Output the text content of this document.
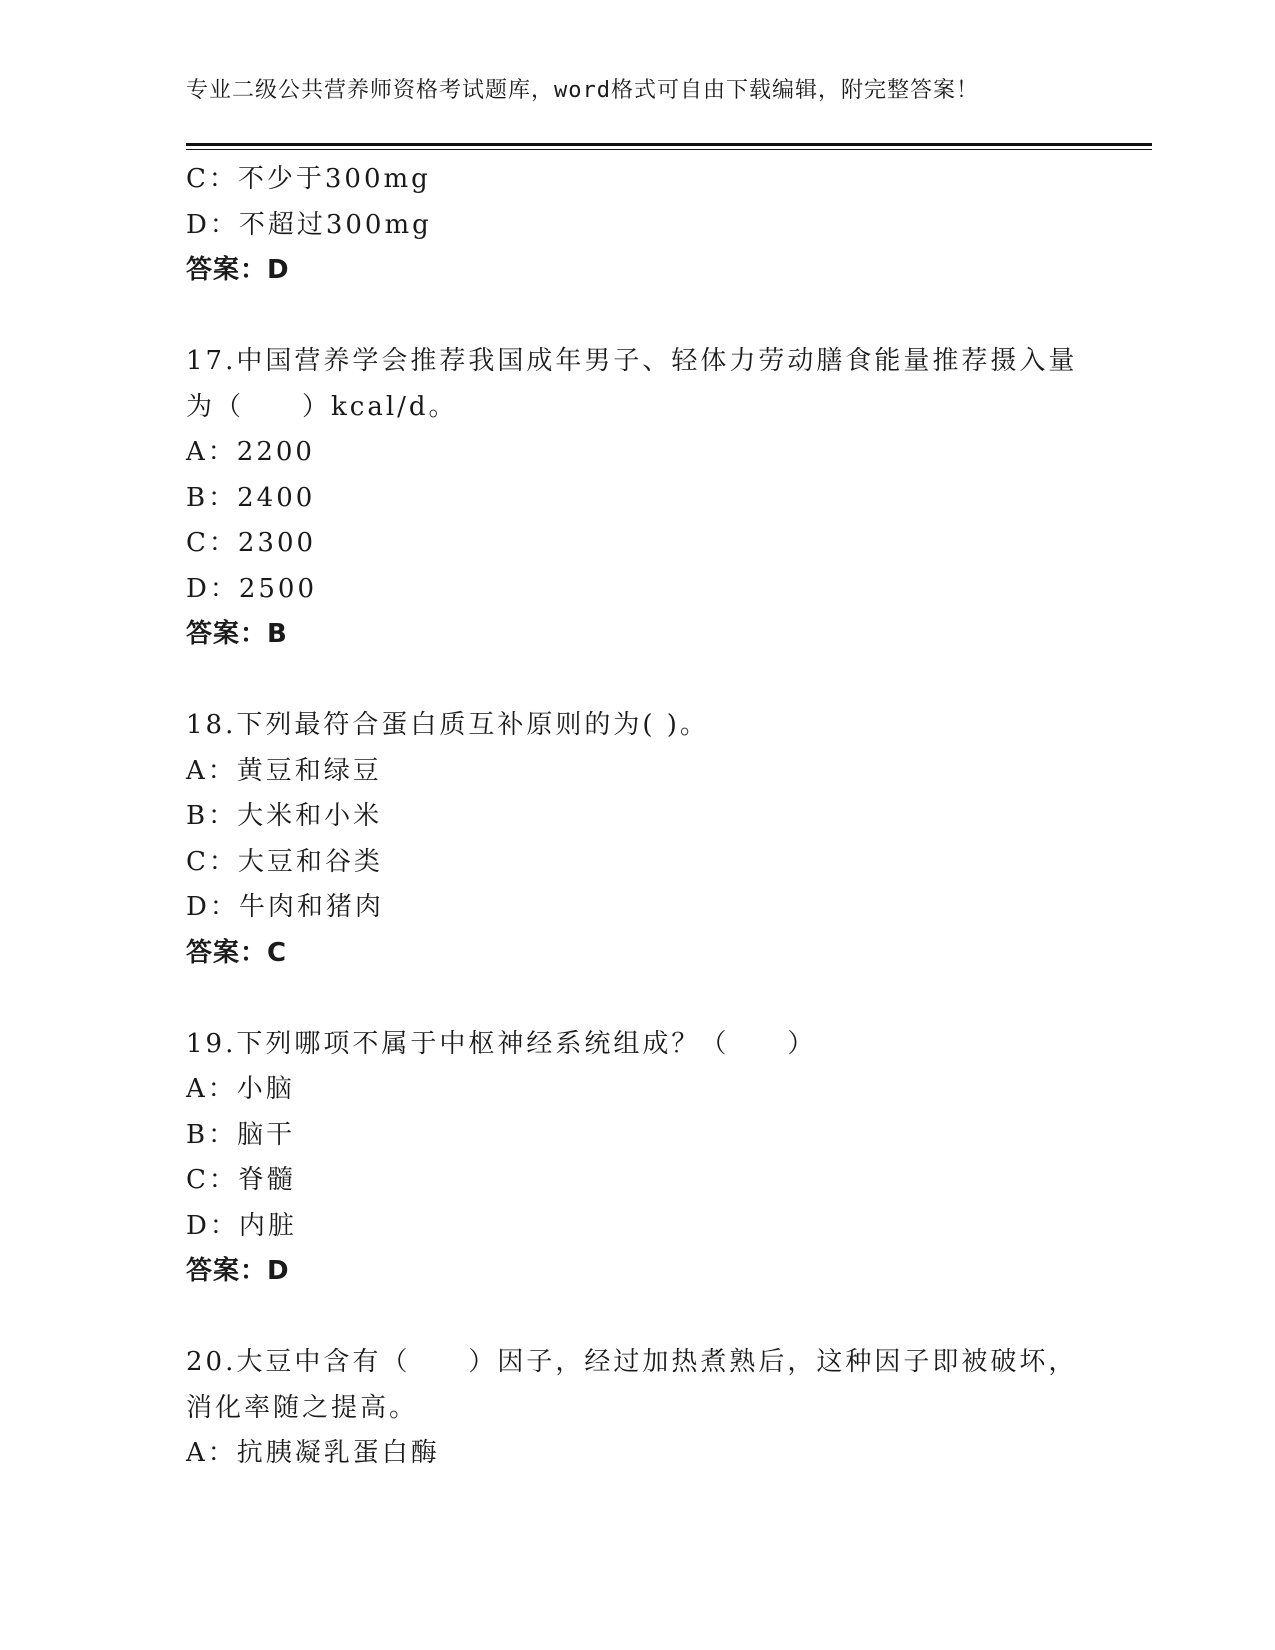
专业二级公共营养师资格考试题库，word格式可自由下载编辑，附完整答案！

C：不少于300mg

D：不超过300mg

答案：D

17.中国营养学会推荐我国成年男子、轻体力劳动膳食能量推荐摄入量

为（　　）kcal/d。

A：2200

B：2400

C：2300

D：2500

答案：B

18.下列最符合蛋白质互补原则的为( )。

A：黄豆和绿豆

B：大米和小米

C：大豆和谷类

D：牛肉和猪肉

答案：C

19.下列哪项不属于中枢神经系统组成？（　　）

A：小脑

B：脑干

C：脊髓

D：内脏

答案：D

20.大豆中含有（　　）因子，经过加热煮熟后，这种因子即被破坏，

消化率随之提高。

A：抗胰凝乳蛋白酶
